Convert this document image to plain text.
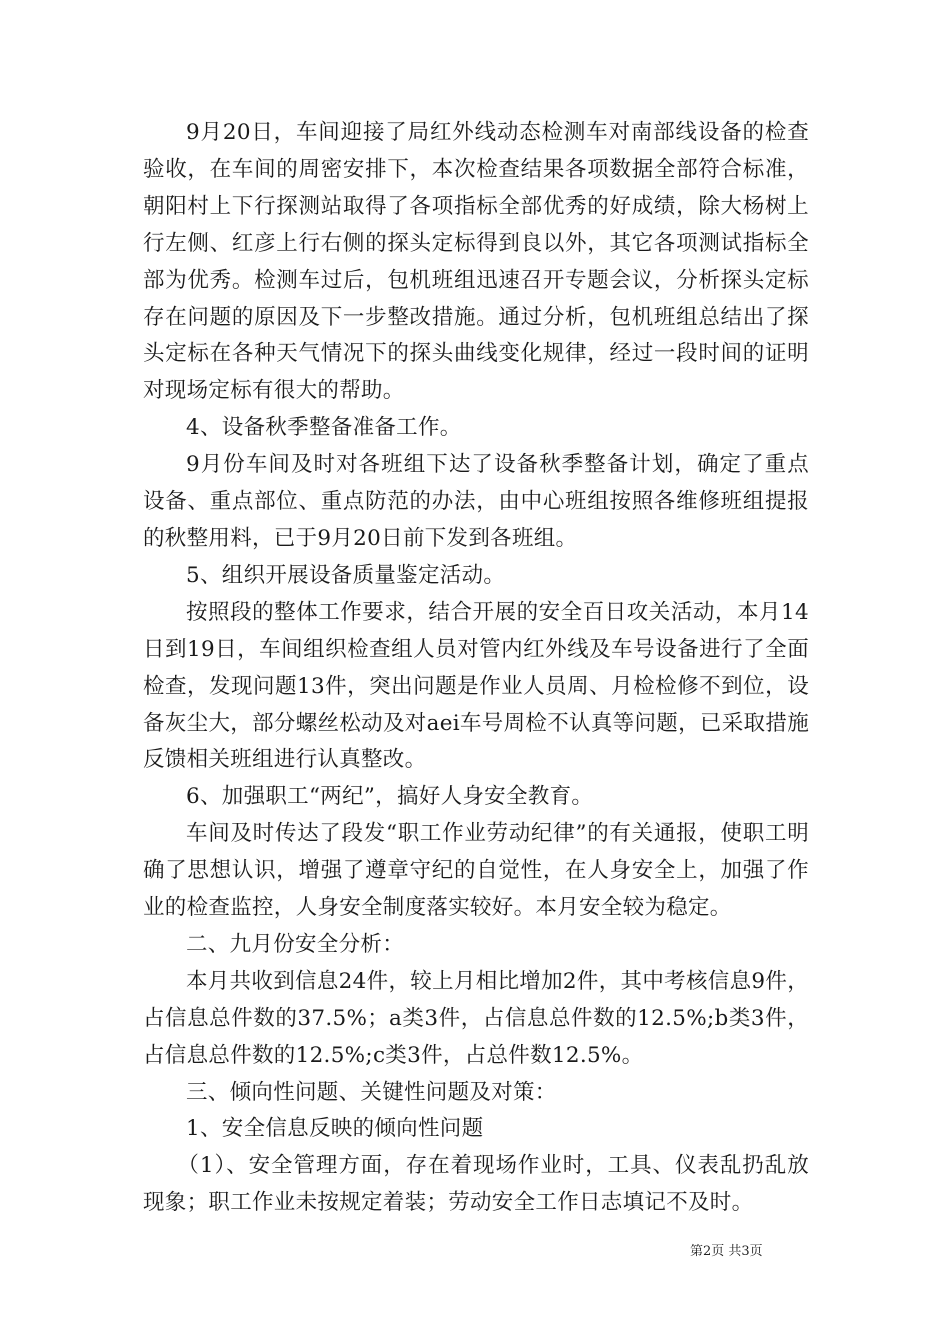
9月20日，车间迎接了局红外线动态检测车对南部线设备的检查验收，在车间的周密安排下，本次检查结果各项数据全部符合标准，朝阳村上下行探测站取得了各项指标全部优秀的好成绩，除大杨树上行左侧、红彦上行右侧的探头定标得到良以外，其它各项测试指标全部为优秀。检测车过后，包机班组迅速召开专题会议，分析探头定标存在问题的原因及下一步整改措施。通过分析，包机班组总结出了探头定标在各种天气情况下的探头曲线变化规律，经过一段时间的证明对现场定标有很大的帮助。

4、设备秋季整备准备工作。

9月份车间及时对各班组下达了设备秋季整备计划，确定了重点设备、重点部位、重点防范的办法，由中心班组按照各维修班组提报的秋整用料，已于9月20日前下发到各班组。

5、组织开展设备质量鉴定活动。

按照段的整体工作要求，结合开展的安全百日攻关活动，本月14日到19日，车间组织检查组人员对管内红外线及车号设备进行了全面检查，发现问题13件，突出问题是作业人员周、月检检修不到位，设备灰尘大，部分螺丝松动及对aei车号周检不认真等问题，已采取措施反馈相关班组进行认真整改。

6、加强职工“两纪”，搞好人身安全教育。

车间及时传达了段发“职工作业劳动纪律”的有关通报，使职工明确了思想认识，增强了遵章守纪的自觉性，在人身安全上，加强了作业的检查监控，人身安全制度落实较好。本月安全较为稳定。

二、九月份安全分析：

本月共收到信息24件，较上月相比增加2件，其中考核信息9件，占信息总件数的37.5%；a类3件，占信息总件数的12.5%;b类3件，占信息总件数的12.5%;c类3件，占总件数12.5%。

三、倾向性问题、关键性问题及对策：

1、安全信息反映的倾向性问题

（1）、安全管理方面，存在着现场作业时，工具、仪表乱扔乱放现象；职工作业未按规定着装；劳动安全工作日志填记不及时。

第2页 共3页
